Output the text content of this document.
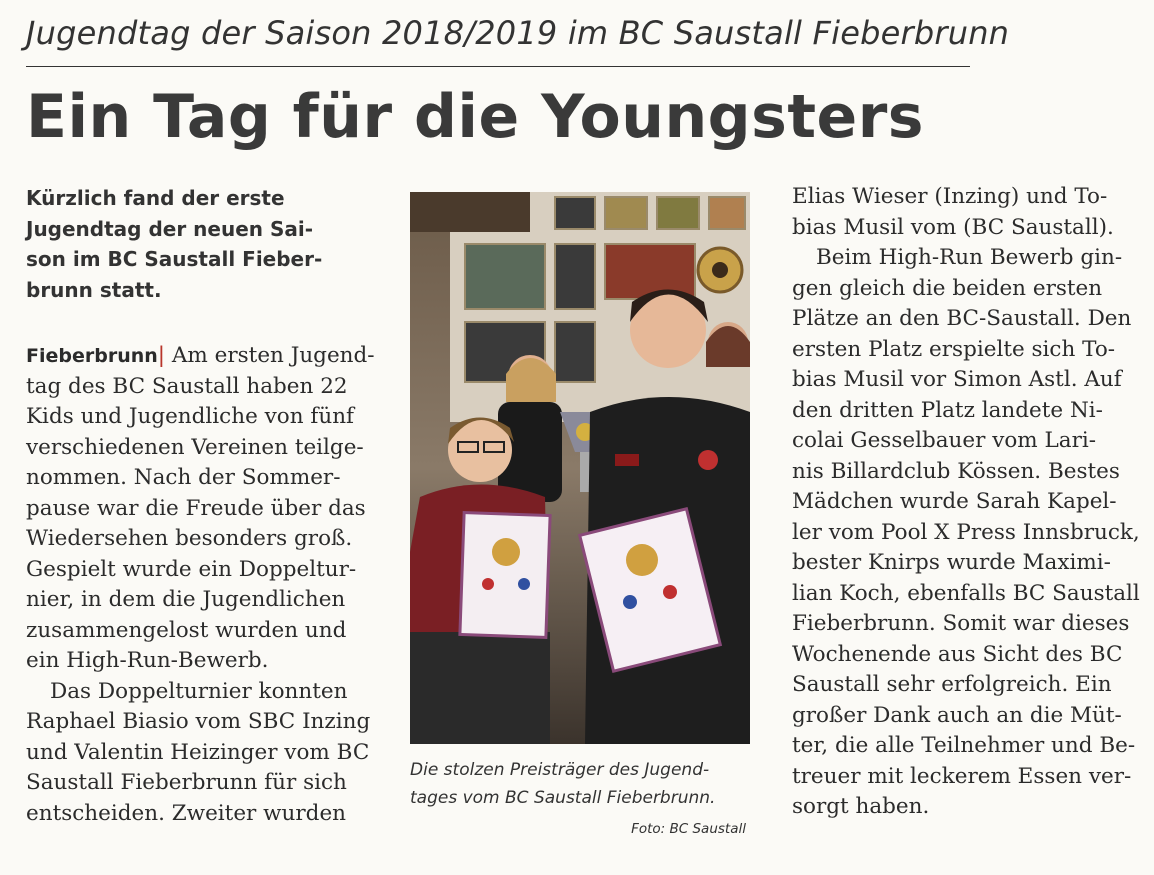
Jugendtag der Saison 2018/2019 im BC Saustall Fieberbrunn
Ein Tag für die Youngsters
Kürzlich fand der erste
Jugendtag der neuen Sai-
son im BC Saustall Fieber-
brunn statt.
Fieberbrunn| Am ersten Jugend-
tag des BC Saustall haben 22
Kids und Jugendliche von fünf
verschiedenen Vereinen teilge-
nommen. Nach der Sommer-
pause war die Freude über das
Wiedersehen besonders groß.
Gespielt wurde ein Doppeltur-
nier, in dem die Jugendlichen
zusammengelost wurden und
ein High-Run-Bewerb.
Das Doppelturnier konnten
Raphael Biasio vom SBC Inzing
und Valentin Heizinger vom BC
Saustall Fieberbrunn für sich
entscheiden. Zweiter wurden
Die stolzen Preisträger des Jugend-
tages vom BC Saustall Fieberbrunn.
Foto: BC Saustall
Elias Wieser (Inzing) und To-
bias Musil vom (BC Saustall).
Beim High-Run Bewerb gin-
gen gleich die beiden ersten
Plätze an den BC-Saustall. Den
ersten Platz erspielte sich To-
bias Musil vor Simon Astl. Auf
den dritten Platz landete Ni-
colai Gesselbauer vom Lari-
nis Billardclub Kössen. Bestes
Mädchen wurde Sarah Kapel-
ler vom Pool X Press Innsbruck,
bester Knirps wurde Maximi-
lian Koch, ebenfalls BC Saustall
Fieberbrunn. Somit war dieses
Wochenende aus Sicht des BC
Saustall sehr erfolgreich. Ein
großer Dank auch an die Müt-
ter, die alle Teilnehmer und Be-
treuer mit leckerem Essen ver-
sorgt haben.
